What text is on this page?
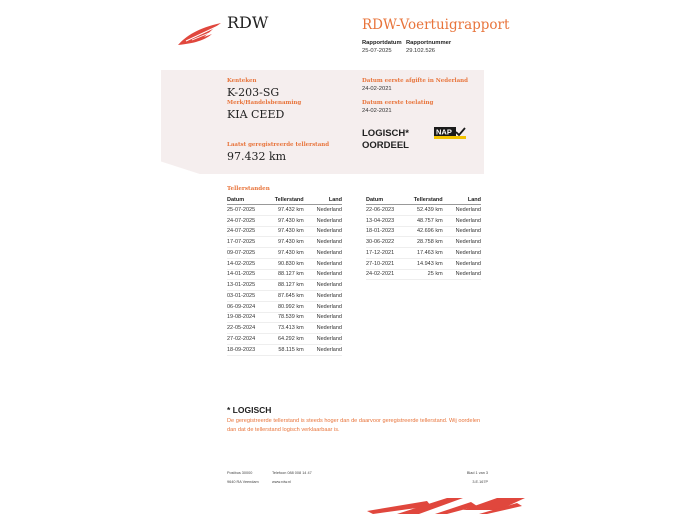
RDW	RDW-Voertuigrapport
Rapportdatum
25-07-2025
Rapportnummer
29.102.526
Kenteken
K-203-SG
Merk/Handelsbenaming
KIA CEED
Laatst geregistreerde tellerstand
97.432 km
Datum eerste afgifte in Nederland
24-02-2021
Datum eerste toelating
24-02-2021
LOGISCH*
OORDEEL
NAP
Tellerstanden
Datum	Tellerstand	Land
25-07-2025	97.432 km	Nederland
24-07-2025	97.430 km	Nederland
24-07-2025	97.430 km	Nederland
17-07-2025	97.430 km	Nederland
09-07-2025	97.430 km	Nederland
14-02-2025	90.830 km	Nederland
14-01-2025	88.127 km	Nederland
13-01-2025	88.127 km	Nederland
03-01-2025	87.645 km	Nederland
06-09-2024	80.992 km	Nederland
19-08-2024	78.539 km	Nederland
22-05-2024	73.413 km	Nederland
27-02-2024	64.292 km	Nederland
18-09-2023	58.115 km	Nederland
Datum	Tellerstand	Land
22-06-2023	52.439 km	Nederland
13-04-2023	48.757 km	Nederland
18-01-2023	42.696 km	Nederland
30-06-2022	28.758 km	Nederland
17-12-2021	17.463 km	Nederland
27-10-2021	14.943 km	Nederland
24-02-2021	25 km	Nederland
* LOGISCH
De geregistreerde tellerstand is steeds hoger dan de daarvoor geregistreerde tellerstand. Wij oordelen dan dat de tellerstand logisch verklaarbaar is.
Postbus 30000
9640 RA Veendam
Telefoon 088 008 14 47
www.rdw.nl
Blad 1 van 3
3.E.167P
